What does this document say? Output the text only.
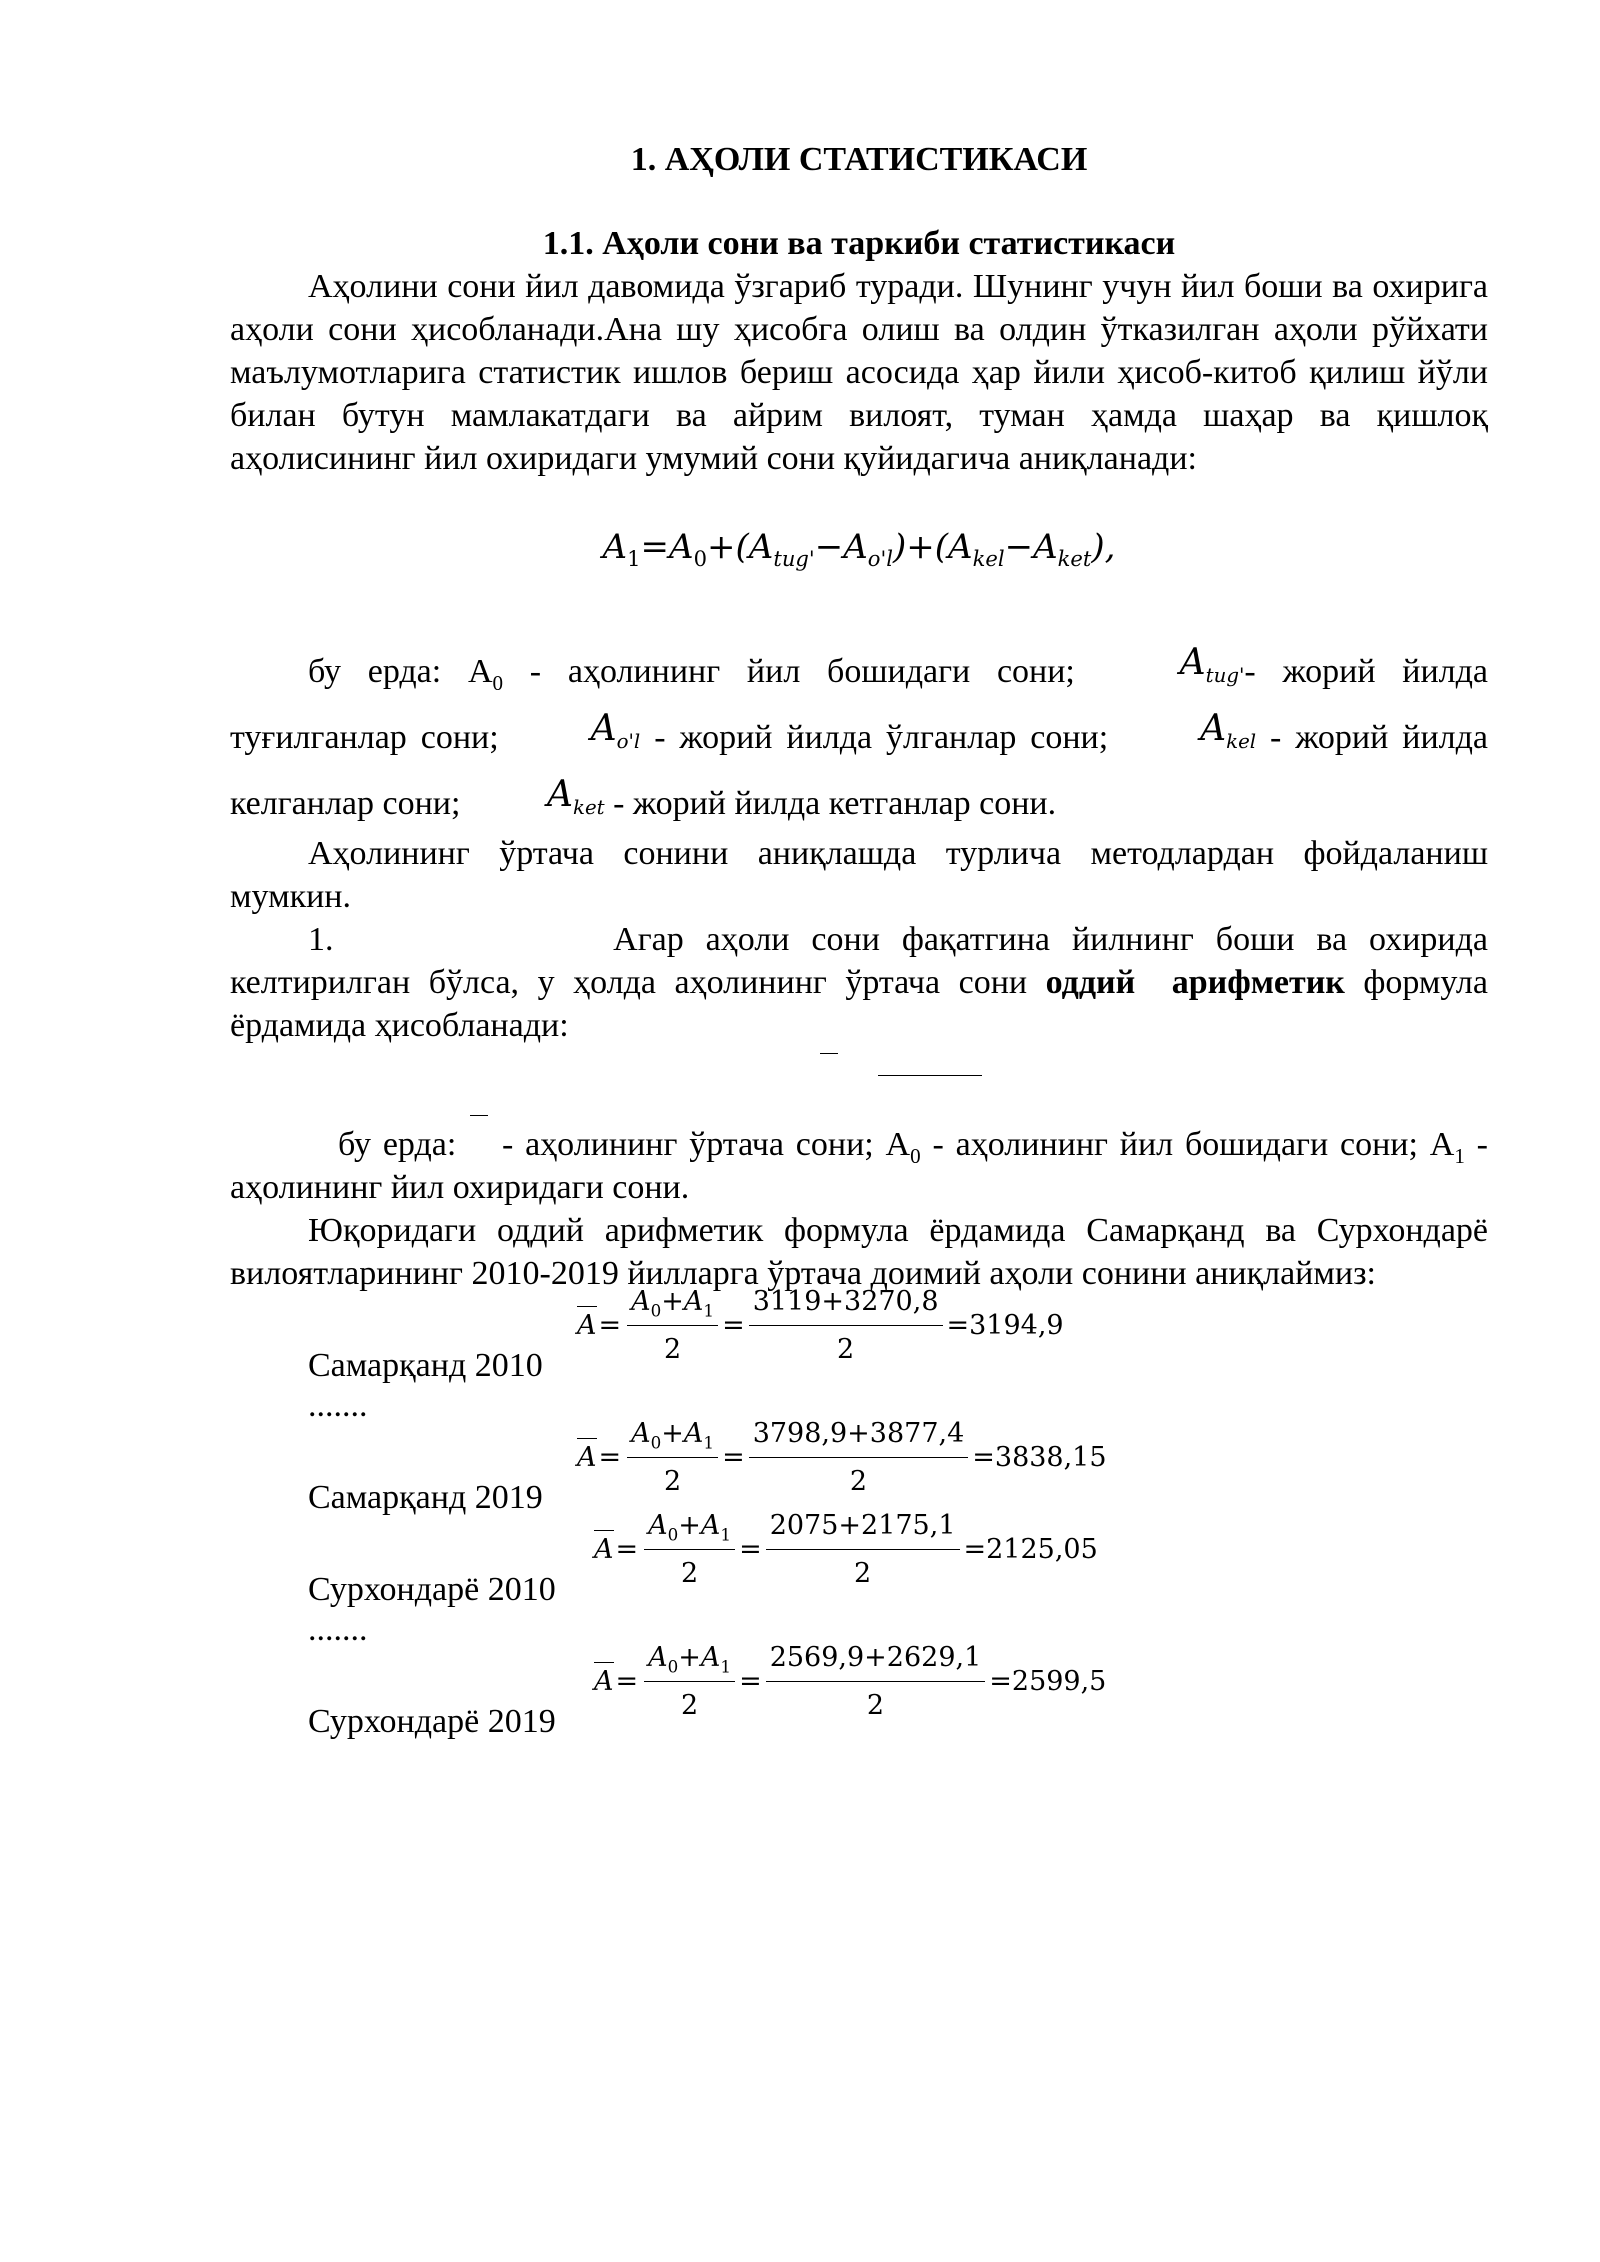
1. АҲОЛИ СТАТИСТИКАСИ
1.1. Аҳоли сони ва таркиби статистикаси

Аҳолини сони йил давомида ўзгариб туради. Шунинг учун йил боши ва охирига аҳоли сони ҳисобланади.Ана шу ҳисобга олиш ва олдин ўтказилган аҳоли рўйхати маълумотларига статистик ишлов бериш асосида ҳар йили ҳисоб-китоб қилиш йўли билан бутун мамлакатдаги ва айрим вилоят, туман ҳамда шаҳар ва қишлоқ аҳолисининг йил охиридаги умумий сони қуйидагича аниқланади:

$A_1=A_0+(A_{tug'}-A_{o'l})+(A_{kel}-A_{ket})$,

бу ерда: $А_0$ - аҳолининг йил бошидаги сони; $A_{tug'}-$ жорий йилда туғилганлар сони; $A_{o'l}$ - жорий йилда ўлганлар сони; $A_{kel}$ - жорий йилда келганлар сони; $A_{ket}$ - жорий йилда кетганлар сони.

Аҳолининг ўртача сонини аниқлашда турлича методлардан фойдаланиш мумкин.

1.	Агар аҳоли сони фақатгина йилнинг боши ва охирида келтирилган бўлса, у ҳолда аҳолининг ўртача сони оддий арифметик формула ёрдамида ҳисобланади:

бу ерда:  - аҳолининг ўртача сони; $А_0$ - аҳолининг йил бошидаги сони; $А_1$ - аҳолининг йил охиридаги сони.

Юқоридаги оддий арифметик формула ёрдамида Самарқанд ва Сурхондарё вилоятларининг 2010-2019 йилларга ўртача доимий аҳоли сонини аниқлаймиз:

Самарқанд 2010
$A = \frac{A_0+A_1}{2} = \frac{3119+3270,8}{2} = 3194,9$
.......
Самарқанд 2019
$A = \frac{A_0+A_1}{2} = \frac{3798,9+3877,4}{2} = 3838,15$
Сурхондарё 2010
$A = \frac{A_0+A_1}{2} = \frac{2075+2175,1}{2} = 2125,05$
.......
Сурхондарё 2019
$A = \frac{A_0+A_1}{2} = \frac{2569,9+2629,1}{2} = 2599,5$
